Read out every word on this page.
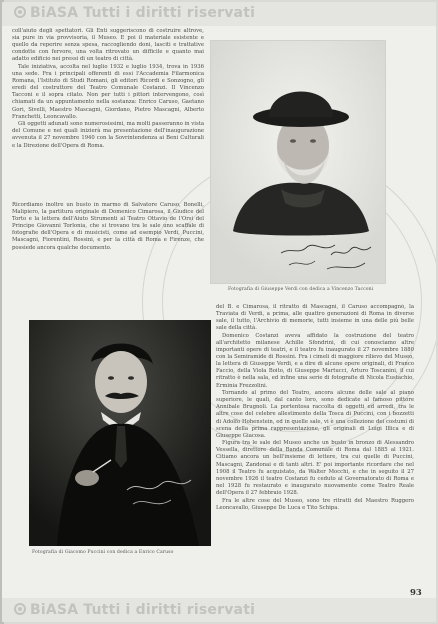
BiASA Tutti i diritti riservati

coll'aiuto degli spettatori. Gli Enti suggeriscono di costruire altrove, sia pure in via provvisoria, il Museo. E poi il materiale esistente e quello da reperire senza spesa, raccogliendo doni, lasciti e trattative condotte con fervore, una volta ritrovato un difficile e quanto mai adatto edificio nei pressi di un teatro di città.

Tale iniziativa, accolta nel luglio 1932 e luglio 1934, trova in 1936 una sede. Fra i principali offerenti di essi l'Accademia Filarmonica Romana, l'Istituto di Studi Romani, gli editori Ricordi e Sonzogno, gli eredi del costruttore del Teatro Comunale Costanzi. Il Vincenzo Tacconi e il sopra citato. Non per tutti i pittori intervengono, così chiamati da un appuntamento nella sostanza: Enrico Caruso, Gaetano Gori, Sivelli, Maestro Mascagni, Giordano, Pietro Mascagni, Alberto Franchetti, Leoncavallo.

Gli oggetti adunati sono numerosissimi, ma molti passeranno in vista del Comune e nei quali inizierà ma presentazione dell'inaugurazione avvenuta il 27 novembre 1940 con la Sovrintendenza ai Beni Culturali e la Direzione dell'Opera di Roma.

Ricordiamo inoltre un busto in marmo di Salvatore Caruso, Bonelli, Malipiero, la partitura originale di Domenico Cimarosa, il Giudice del Torto e la lettera dell'Aiuto Strumenti al Teatro Ottavio de l'Orsi del Principe Giovanni Torlonia, che si trovano tra le sale uno scaffale di fotografie dell'Opera e di musicisti, come ad esempio Verdi, Puccini, Mascagni, Fiorentini, Rossini, e per la città di Roma e Firenze, che possiede ancora qualche documento.

Fotografia di Giuseppe Verdi con dedica a Vincenzo Tacconi
Fotografia di Giacomo Puccini con dedica a Enrico Caruso

del B. e Cimarosa, il ritratto di Mascagni, il Caruso accompagnò, la Traviata di Verdi, a prima, alle quattro generazioni di Roma in diverse sale, il tutto, l'Archivio di memorie, tutti insieme in una delle più belle sale della città.

Domenico Costanzi aveva affidato la costruzione del teatro all'architetto milanese Achille Sfondrini, di cui conosciamo altre importanti opere di teatri, e il teatro fu inaugurato il 27 novembre 1880 con la Semiramide di Rossini. Fra i cimeli di maggiore rilievo del Museo, la lettera di Giuseppe Verdi, e a dire di alcune opere originali, di Franco Faccio, della Viola Boito, di Giuseppe Martucci, Arturo Toscanini, il cui ritratto è nella sala, ed infine una serie di fotografie di Nicola Eustachio, Erminia Frezzolini.

Tornando al primo del Teatro, ancora alcune delle sale al piano superiore, le quali, dal canto loro, sono dedicate al famoso pittore Annibale Brugnoli. La portentosa raccolta di oggetti ed arredi, tra le altre cose del celebre allestimento della Tosca di Puccini, con i bozzetti di Adolfo Hohenstein, ed in quelle sale, vi è una collezione dei costumi di scena della prima rappresentazione, gli originali di Luigi Illica e di Giuseppe Giacosa.

Figura tra le sale del Museo anche un busto in bronzo di Alessandro Vessella, direttore della Banda Comunale di Roma dal 1885 al 1921. Citiamo ancora un bell'insieme di lettere, tra cui quelle di Puccini, Mascagni, Zandonai e di tanti altri. E' poi importante ricordare che nel 1908 il Teatro fu acquistato, da Walter Mocchi, e che in seguito il 27 novembre 1926 il teatro Costanzi fu ceduto al Governatorato di Roma e nel 1928 fu restaurato e inaugurato nuovamente come Teatro Reale dell'Opera il 27 febbraio 1928.

Fra le altre cose del Museo, sono tre ritratti del Maestro Ruggero Leoncavallo, Giuseppe De Luca e Tito Schipa.

93
BiASA Tutti i diritti riservati
